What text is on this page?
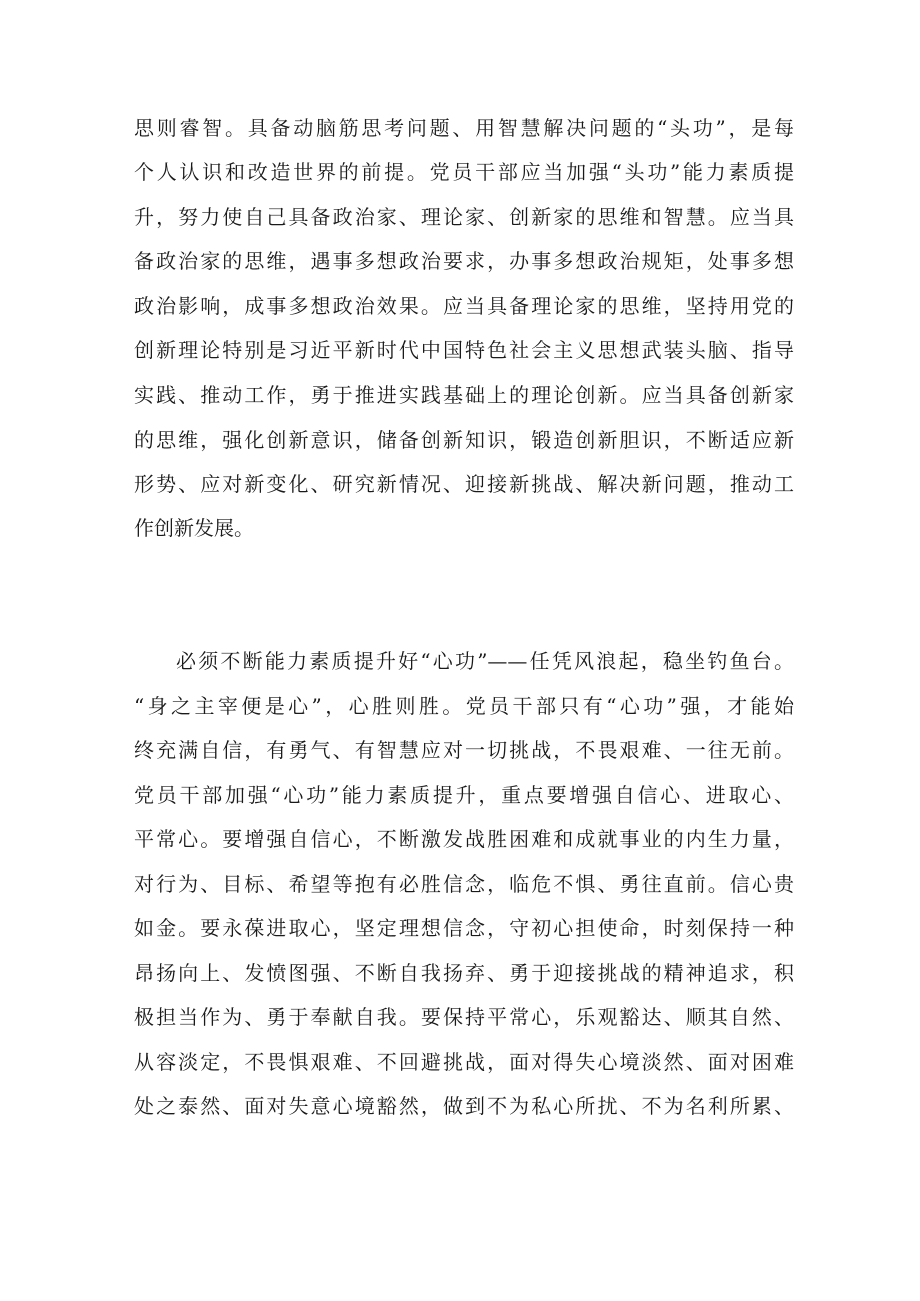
思则睿智。具备动脑筋思考问题、用智慧解决问题的“头功”，是每
个人认识和改造世界的前提。党员干部应当加强“头功”能力素质提
升，努力使自己具备政治家、理论家、创新家的思维和智慧。应当具
备政治家的思维，遇事多想政治要求，办事多想政治规矩，处事多想
政治影响，成事多想政治效果。应当具备理论家的思维，坚持用党的
创新理论特别是习近平新时代中国特色社会主义思想武装头脑、指导
实践、推动工作，勇于推进实践基础上的理论创新。应当具备创新家
的思维，强化创新意识，储备创新知识，锻造创新胆识，不断适应新
形势、应对新变化、研究新情况、迎接新挑战、解决新问题，推动工
作创新发展。
必须不断能力素质提升好“心功”——任凭风浪起，稳坐钓鱼台。
“身之主宰便是心”，心胜则胜。党员干部只有“心功”强，才能始
终充满自信，有勇气、有智慧应对一切挑战，不畏艰难、一往无前。
党员干部加强“心功”能力素质提升，重点要增强自信心、进取心、
平常心。要增强自信心，不断激发战胜困难和成就事业的内生力量，
对行为、目标、希望等抱有必胜信念，临危不惧、勇往直前。信心贵
如金。要永葆进取心，坚定理想信念，守初心担使命，时刻保持一种
昂扬向上、发愤图强、不断自我扬弃、勇于迎接挑战的精神追求，积
极担当作为、勇于奉献自我。要保持平常心，乐观豁达、顺其自然、
从容淡定，不畏惧艰难、不回避挑战，面对得失心境淡然、面对困难
处之泰然、面对失意心境豁然，做到不为私心所扰、不为名利所累、
